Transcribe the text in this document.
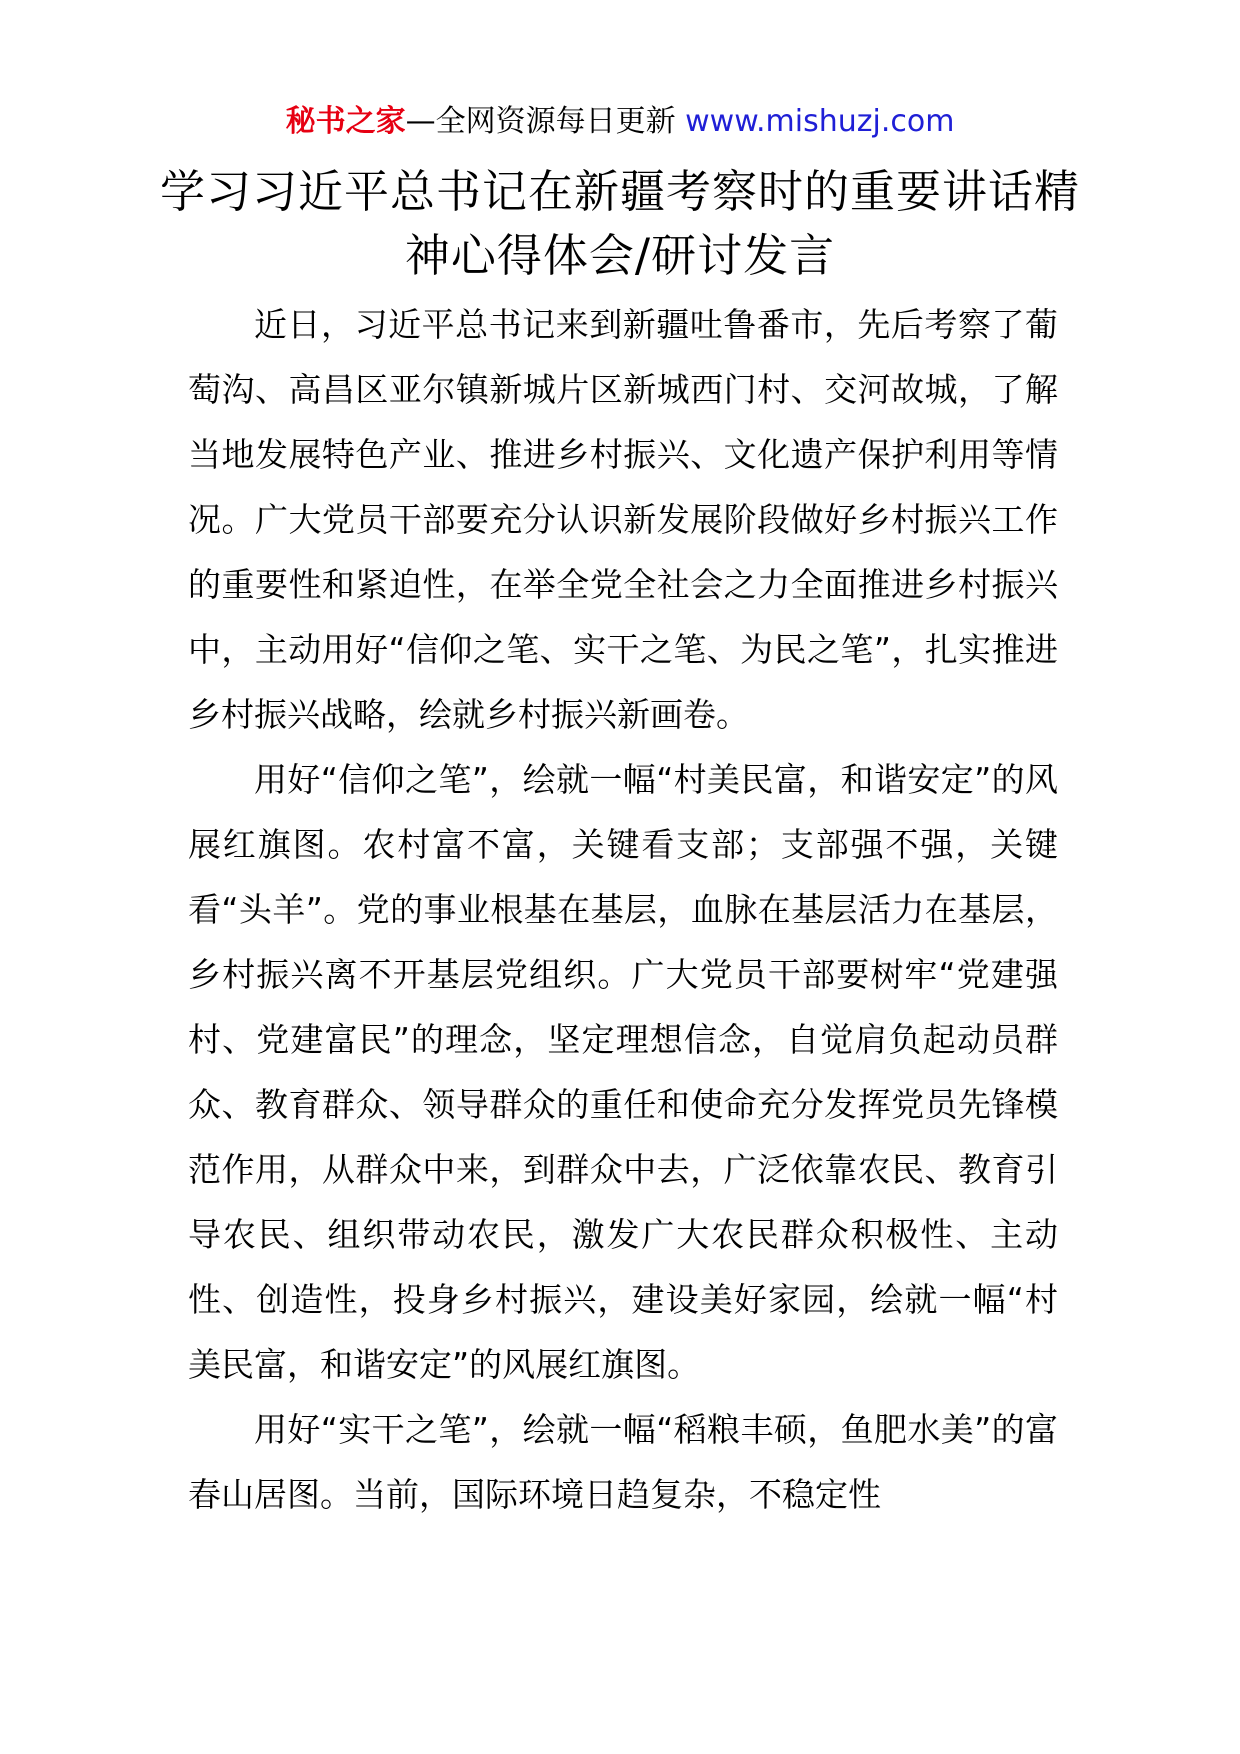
秘书之家—全网资源每日更新 www.mishuzj.com
学习习近平总书记在新疆考察时的重要讲话精神心得体会/研讨发言

近日，习近平总书记来到新疆吐鲁番市，先后考察了葡萄沟、高昌区亚尔镇新城片区新城西门村、交河故城，了解当地发展特色产业、推进乡村振兴、文化遗产保护利用等情况。广大党员干部要充分认识新发展阶段做好乡村振兴工作的重要性和紧迫性，在举全党全社会之力全面推进乡村振兴中，主动用好“信仰之笔、实干之笔、为民之笔”，扎实推进乡村振兴战略，绘就乡村振兴新画卷。

用好“信仰之笔”，绘就一幅“村美民富，和谐安定”的风展红旗图。农村富不富，关键看支部；支部强不强，关键看“头羊”。党的事业根基在基层，血脉在基层活力在基层，乡村振兴离不开基层党组织。广大党员干部要树牢“党建强村、党建富民”的理念，坚定理想信念，自觉肩负起动员群众、教育群众、领导群众的重任和使命充分发挥党员先锋模范作用，从群众中来，到群众中去，广泛依靠农民、教育引导农民、组织带动农民，激发广大农民群众积极性、主动性、创造性，投身乡村振兴，建设美好家园，绘就一幅“村美民富，和谐安定”的风展红旗图。

用好“实干之笔”，绘就一幅“稻粮丰硕，鱼肥水美”的富春山居图。当前，国际环境日趋复杂，不稳定性
